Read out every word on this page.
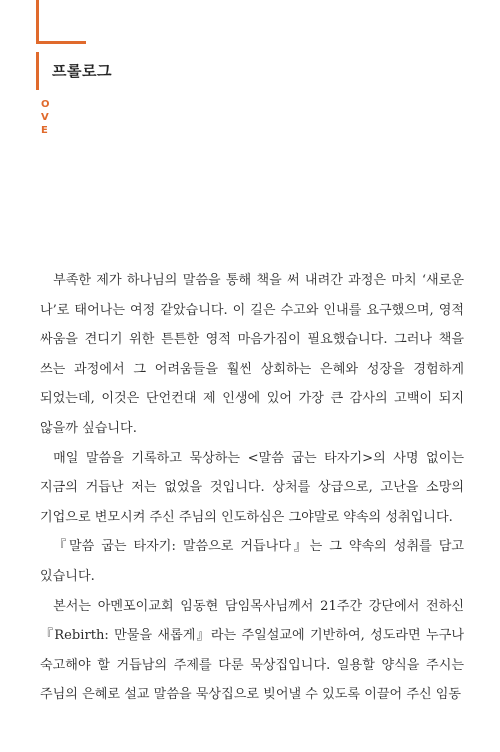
프롤로그
O
V
E

부족한 제가 하나님의 말씀을 통해 책을 써 내려간 과정은 마치 ‘새로운 나’로 태어나는 여정 같았습니다. 이 길은 수고와 인내를 요구했으며, 영적 싸움을 견디기 위한 튼튼한 영적 마음가짐이 필요했습니다. 그러나 책을 쓰는 과정에서 그 어려움들을 훨씬 상회하는 은혜와 성장을 경험하게 되었는데, 이것은 단언컨대 제 인생에 있어 가장 큰 감사의 고백이 되지 않을까 싶습니다.

매일 말씀을 기록하고 묵상하는 <말씀 굽는 타자기>의 사명 없이는 지금의 거듭난 저는 없었을 것입니다. 상처를 상급으로, 고난을 소망의 기업으로 변모시켜 주신 주님의 인도하심은 그야말로 약속의 성취입니다.

『말씀 굽는 타자기: 말씀으로 거듭나다』는 그 약속의 성취를 담고 있습니다.

본서는 아멘포이교회 임동현 담임목사님께서 21주간 강단에서 전하신 『Rebirth: 만물을 새롭게』라는 주일설교에 기반하여, 성도라면 누구나 숙고해야 할 거듭남의 주제를 다룬 묵상집입니다. 일용할 양식을 주시는 주님의 은혜로 설교 말씀을 묵상집으로 빚어낼 수 있도록 이끌어 주신 임동
